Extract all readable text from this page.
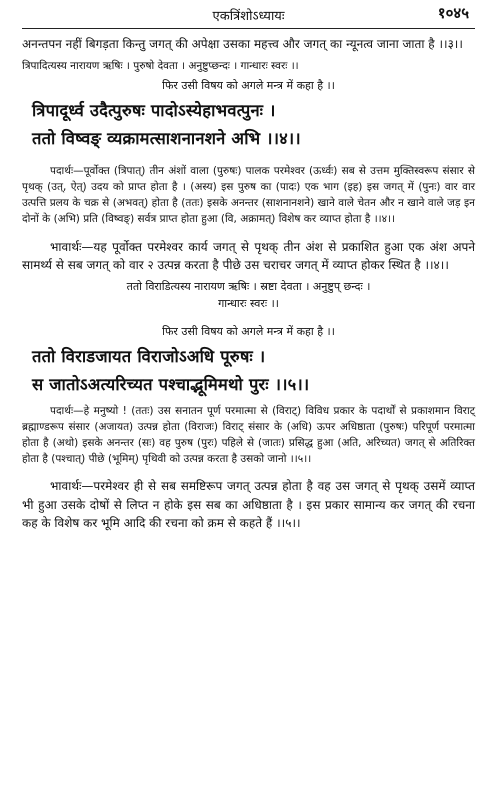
एकत्रिंशोऽध्यायः	१०४५

अनन्तपन नहीं बिगड़ता किन्तु जगत् की अपेक्षा उसका महत्त्व और जगत् का न्यूनत्व जाना जाता है ।।३।।

त्रिपादित्यस्य नारायण ऋषिः । पुरुषो देवता । अनुष्टुप्छन्दः । गान्धारः स्वरः ।।
फिर उसी विषय को अगले मन्त्र में कहा है ।।
त्रिपादूर्ध्व उदैत्पुरुषः पादोऽस्येहाभवत्पुनः ।
ततो विष्वङ् व्यक्रामत्साशनानशने अभि ।।४।।

पदार्थः—पूर्वोक्त (त्रिपात्) तीन अंशों वाला (पुरुषः) पालक परमेश्वर (ऊर्ध्वः) सब से उत्तम मुक्तिस्वरूप संसार से पृथक् (उत्, ऐत्) उदय को प्राप्त होता है । (अस्य) इस पुरुष का (पादः) एक भाग (इह) इस जगत् में (पुनः) वार वार उत्पत्ति प्रलय के चक्र से (अभवत्) होता है (ततः) इसके अनन्तर (साशनानशने) खाने वाले चेतन और न खाने वाले जड़ इन दोनों के (अभि) प्रति (विष्वङ्) सर्वत्र प्राप्त होता हुआ (वि, अक्रामत्) विशेष कर व्याप्त होता है ।।४।।

भावार्थः—यह पूर्वोक्त परमेश्वर कार्य जगत् से पृथक् तीन अंश से प्रकाशित हुआ एक अंश अपने सामर्थ्य से सब जगत् को वार २ उत्पन्न करता है पीछे उस चराचर जगत् में व्याप्त होकर स्थित है ।।४।।

ततो विराडित्यस्य नारायण ऋषिः । स्रष्टा देवता । अनुष्टुप् छन्दः ।
गान्धारः स्वरः ।।
फिर उसी विषय को अगले मन्त्र में कहा है ।।
ततो विराडजायत विराजोऽअधि पूरुषः ।
स जातोऽअत्यरिच्यत पश्चाद्भूमिमथो पुरः ।।५।।

पदार्थः—हे मनुष्यो ! (ततः) उस सनातन पूर्ण परमात्मा से (विराट्) विविध प्रकार के पदार्थों से प्रकाशमान विराट् ब्रह्माण्डरूप संसार (अजायत) उत्पन्न होता (विराजः) विराट् संसार के (अधि) ऊपर अधिष्ठाता (पुरुषः) परिपूर्ण परमात्मा होता है (अथो) इसके अनन्तर (सः) वह पुरुष (पुरः) पहिले से (जातः) प्रसिद्ध हुआ (अति, अरिच्यत) जगत् से अतिरिक्त होता है (पश्चात्) पीछे (भूमिम्) पृथिवी को उत्पन्न करता है उसको जानो ।।५।।

भावार्थः—परमेश्वर ही से सब समष्टिरूप जगत् उत्पन्न होता है वह उस जगत् से पृथक् उसमें व्याप्त भी हुआ उसके दोषों से लिप्त न होके इस सब का अधिष्ठाता है । इस प्रकार सामान्य कर जगत् की रचना कह के विशेष कर भूमि आदि की रचना को क्रम से कहते हैं ।।५।।
